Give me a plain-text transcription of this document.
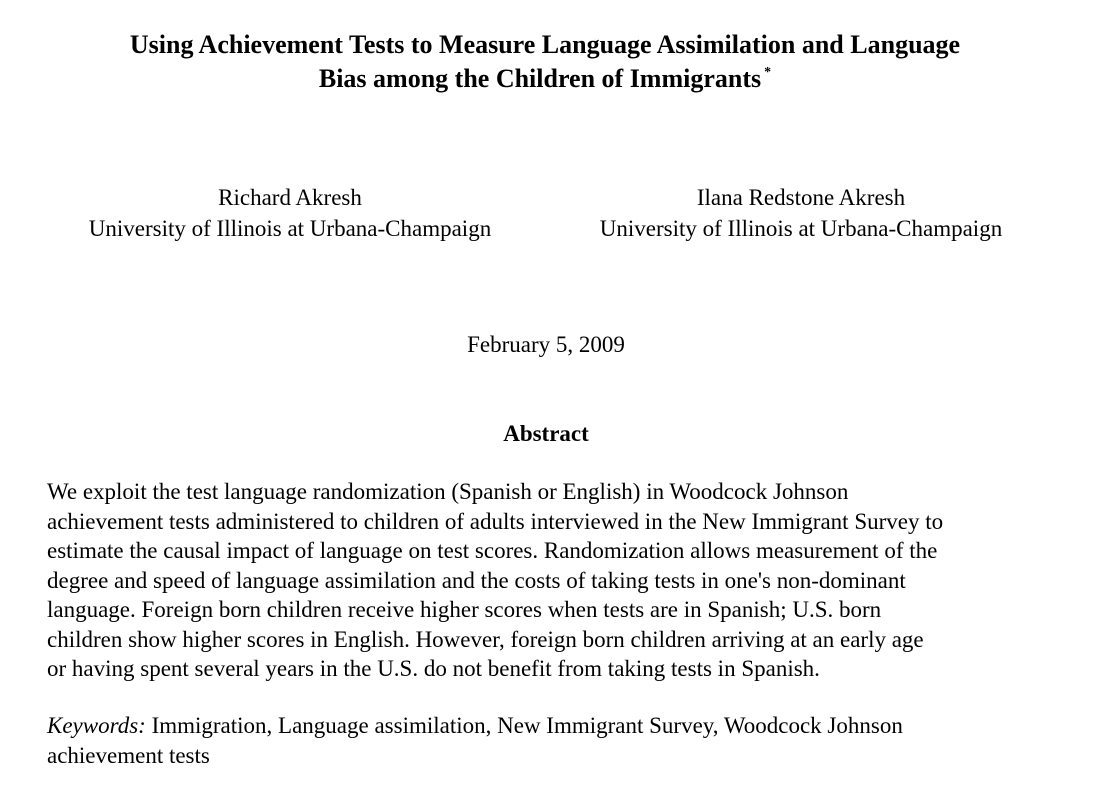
Using Achievement Tests to Measure Language Assimilation and Language
Bias among the Children of Immigrants *
Richard Akresh
University of Illinois at Urbana-Champaign
Ilana Redstone Akresh
University of Illinois at Urbana-Champaign
February 5, 2009
Abstract
We exploit the test language randomization (Spanish or English) in Woodcock Johnson
achievement tests administered to children of adults interviewed in the New Immigrant Survey to
estimate the causal impact of language on test scores. Randomization allows measurement of the
degree and speed of language assimilation and the costs of taking tests in one's non-dominant
language. Foreign born children receive higher scores when tests are in Spanish; U.S. born
children show higher scores in English. However, foreign born children arriving at an early age
or having spent several years in the U.S. do not benefit from taking tests in Spanish.
Keywords: Immigration, Language assimilation, New Immigrant Survey, Woodcock Johnson
achievement tests
